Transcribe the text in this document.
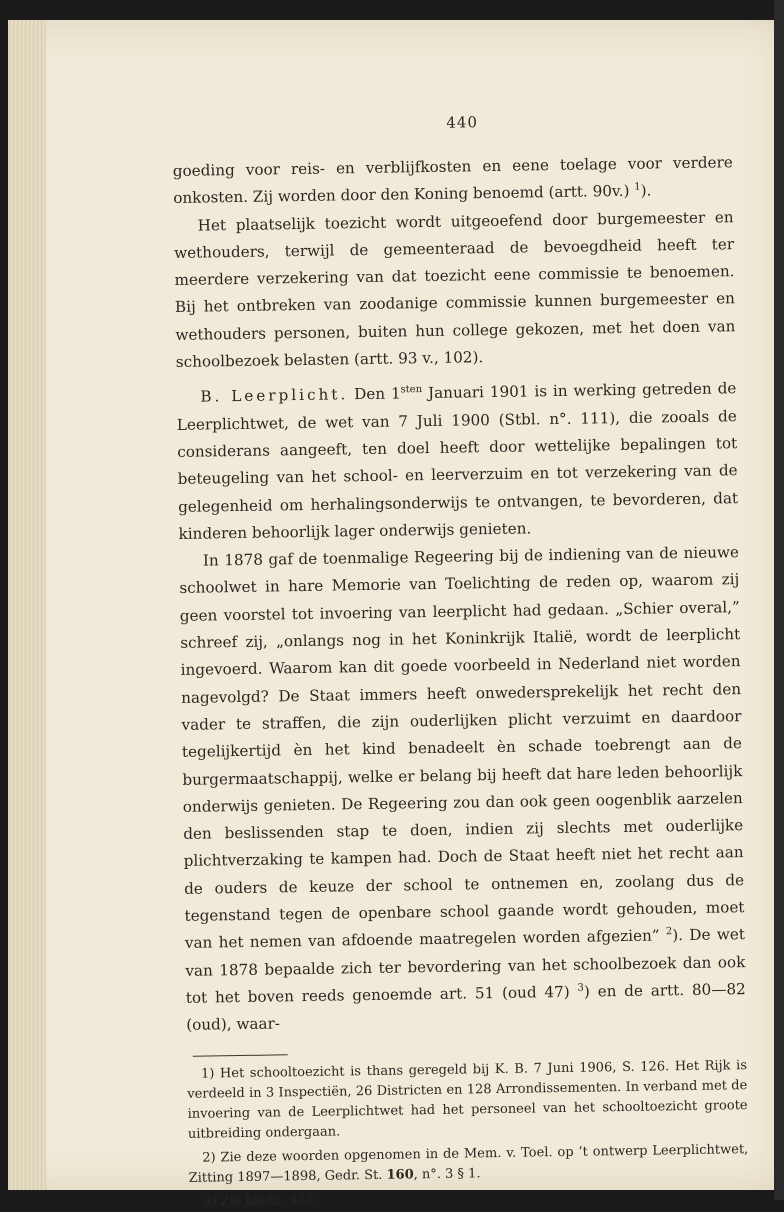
440

goeding voor reis- en verblijfkosten en eene toelage voor verdere onkosten. Zij worden door den Koning benoemd (artt. 90v.) $^1$).

Het plaatselijk toezicht wordt uitgeoefend door burgemeester en wethouders, terwijl de gemeenteraad de bevoegdheid heeft ter meerdere verzekering van dat toezicht eene commissie te benoemen. Bij het ontbreken van zoodanige commissie kunnen burgemeester en wethouders personen, buiten hun college gekozen, met het doen van schoolbezoek belasten (artt. 93 v., 102).

B. Leerplicht. Den $1^{sten}$ Januari 1901 is in werking getreden de Leerplichtwet, de wet van 7 Juli 1900 (Stbl. n°. 111), die zooals de considerans aangeeft, ten doel heeft door wettelijke bepalingen tot beteugeling van het school- en leerverzuim en tot verzekering van de gelegenheid om herhalingsonderwijs te ontvangen, te bevorderen, dat kinderen behoorlijk lager onderwijs genieten.

In 1878 gaf de toenmalige Regeering bij de indiening van de nieuwe schoolwet in hare Memorie van Toelichting de reden op, waarom zij geen voorstel tot invoering van leerplicht had gedaan. „Schier overal,” schreef zij, „onlangs nog in het Koninkrijk Italië, wordt de leerplicht ingevoerd. Waarom kan dit goede voorbeeld in Nederland niet worden nagevolgd? De Staat immers heeft onwedersprekelijk het recht den vader te straffen, die zijn ouderlijken plicht verzuimt en daardoor tegelijkertijd èn het kind benadeelt èn schade toebrengt aan de burgermaatschappij, welke er belang bij heeft dat hare leden behoorlijk onderwijs genieten. De Regeering zou dan ook geen oogenblik aarzelen den beslissenden stap te doen, indien zij slechts met ouderlijke plichtverzaking te kampen had. Doch de Staat heeft niet het recht aan de ouders de keuze der school te ontnemen en, zoolang dus de tegenstand tegen de openbare school gaande wordt gehouden, moet van het nemen van afdoende maatregelen worden afgezien” $^2$). De wet van 1878 bepaalde zich ter bevordering van het schoolbezoek dan ook tot het boven reeds genoemde art. 51 (oud 47) $^3$) en de artt. 80—82 (oud), waar-

1) Het schooltoezicht is thans geregeld bij K. B. 7 Juni 1906, S. 126. Het Rijk is verdeeld in 3 Inspectiën, 26 Districten en 128 Arrondissementen. In verband met de invoering van de Leerplichtwet had het personeel van het schooltoezicht groote uitbreiding ondergaan.

2) Zie deze woorden opgenomen in de Mem. v. Toel. op ’t ontwerp Leerplichtwet, Zitting 1897—1898, Gedr. St. 160, n°. 3 § 1.

3) Zie bladz. 435.
